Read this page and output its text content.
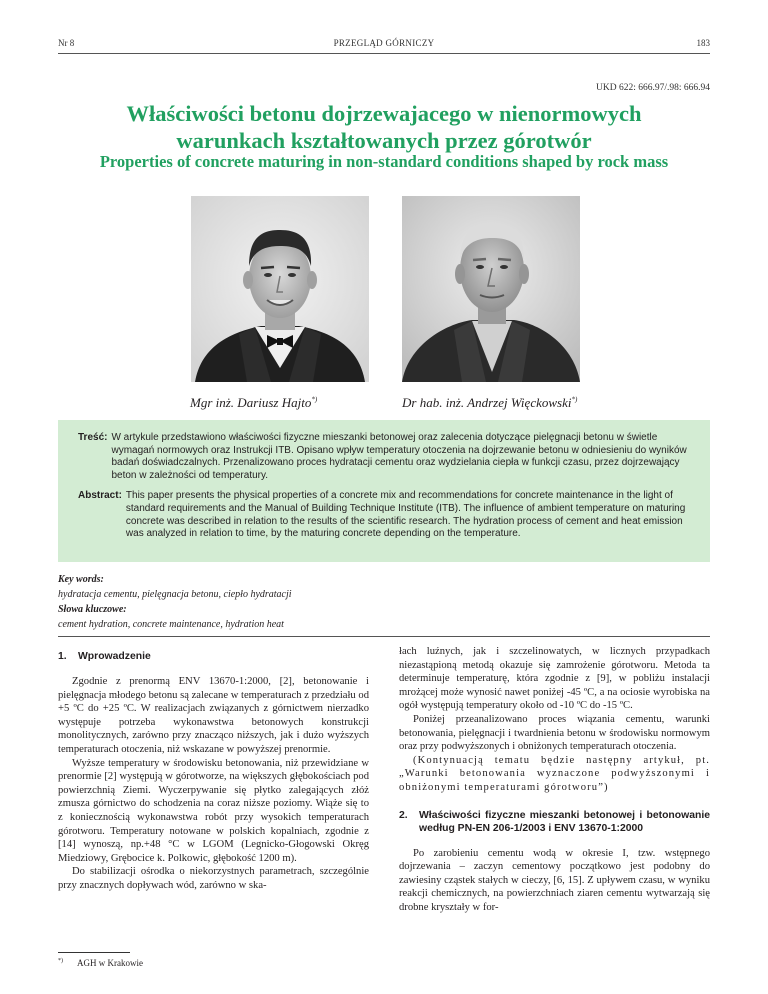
Nr 8	PRZEGLĄD GÓRNICZY	183
UKD 622: 666.97/.98: 666.94
Właściwości betonu dojrzewajacego w nienormowych
warunkach kształtowanych przez górotwór
Properties of concrete maturing in non-standard conditions shaped by rock mass
Mgr inż. Dariusz Hajto*)	Dr hab. inż. Andrzej Więckowski*)
Treść: W artykule przedstawiono właściwości fizyczne mieszanki betonowej oraz zalecenia dotyczące pielęgnacji betonu w świetle wymagań normowych oraz Instrukcji ITB. Opisano wpływ temperatury otoczenia na dojrzewanie betonu w odniesieniu do wyników badań doświadczalnych. Przenalizowano proces hydratacji cementu oraz wydzielania ciepła w funkcji czasu, przez dojrzewający beton w zależności od temperatury.
Abstract: This paper presents the physical properties of a concrete mix and recommendations for concrete maintenance in the light of standard requirements and the Manual of Building Technique Institute (ITB). The influence of ambient temperature on maturing concrete was described in relation to the results of the scientific research. The hydration process of cement and heat emission was analyzed in relation to time, by the maturing concrete depending on the temperature.
Key words:
hydratacja cementu, pielęgnacja betonu, ciepło hydratacji
Słowa kluczowe:
cement hydration, concrete maintenance, hydration heat
1.	Wprowadzenie

Zgodnie z prenormą ENV 13670-1:2000, [2], betonowanie i pielęgnacja młodego betonu są zalecane w temperaturach z przedziału od +5 ºC do +25 ºC. W realizacjach związanych z górnictwem nierzadko występuje potrzeba wykonawstwa betonowych konstrukcji monolitycznych, zarówno przy znacząco niższych, jak i dużo wyższych temperaturach otoczenia, niż wskazane w powyższej prenormie.

Wyższe temperatury w środowisku betonowania, niż przewidziane w prenormie [2] występują w górotworze, na większych głębokościach pod powierzchnią Ziemi. Wyczerpywanie się płytko zalegających złóż zmusza górnictwo do schodzenia na coraz niższe poziomy. Wiąże się to z koniecznością wykonawstwa robót przy wysokich temperaturach górotworu. Temperatury notowane w polskich kopalniach, zgodnie z [14] wynoszą, np.+48 °C w LGOM (Legnicko-Głogowski Okręg Miedziowy, Grębocice k. Polkowic, głębokość 1200 m).

Do stabilizacji ośrodka o niekorzystnych parametrach, szczególnie przy znacznych dopływach wód, zarówno w ska-

łach luźnych, jak i szczelinowatych, w licznych przypadkach niezastąpioną metodą okazuje się zamrożenie górotworu. Metoda ta determinuje temperaturę, która zgodnie z [9], w pobliżu instalacji mrożącej może wynosić nawet poniżej -45 ºC, a na ociosie wyrobiska na ogół występują temperatury około od -10 ºC do -15 ºC.

Poniżej przeanalizowano proces wiązania cementu, warunki betonowania, pielęgnacji i twardnienia betonu w środowisku normowym oraz przy podwyższonych i obniżonych temperaturach otoczenia.

(Kontynuacją tematu będzie następny artykuł, pt. „Warunki betonowania wyznaczone podwyższonymi i obniżonymi temperaturami górotworu”)

2.	Właściwości fizyczne mieszanki betonowej i betonowanie według PN-EN 206-1/2003 i ENV 13670-1:2000

Po zarobieniu cementu wodą w okresie I, tzw. wstępnego dojrzewania – zaczyn cementowy początkowo jest podobny do zawiesiny cząstek stałych w cieczy, [6, 15]. Z upływem czasu, w wyniku reakcji chemicznych, na powierzchniach ziaren cementu wytwarzają się drobne kryształy w for-

*) AGH w Krakowie
